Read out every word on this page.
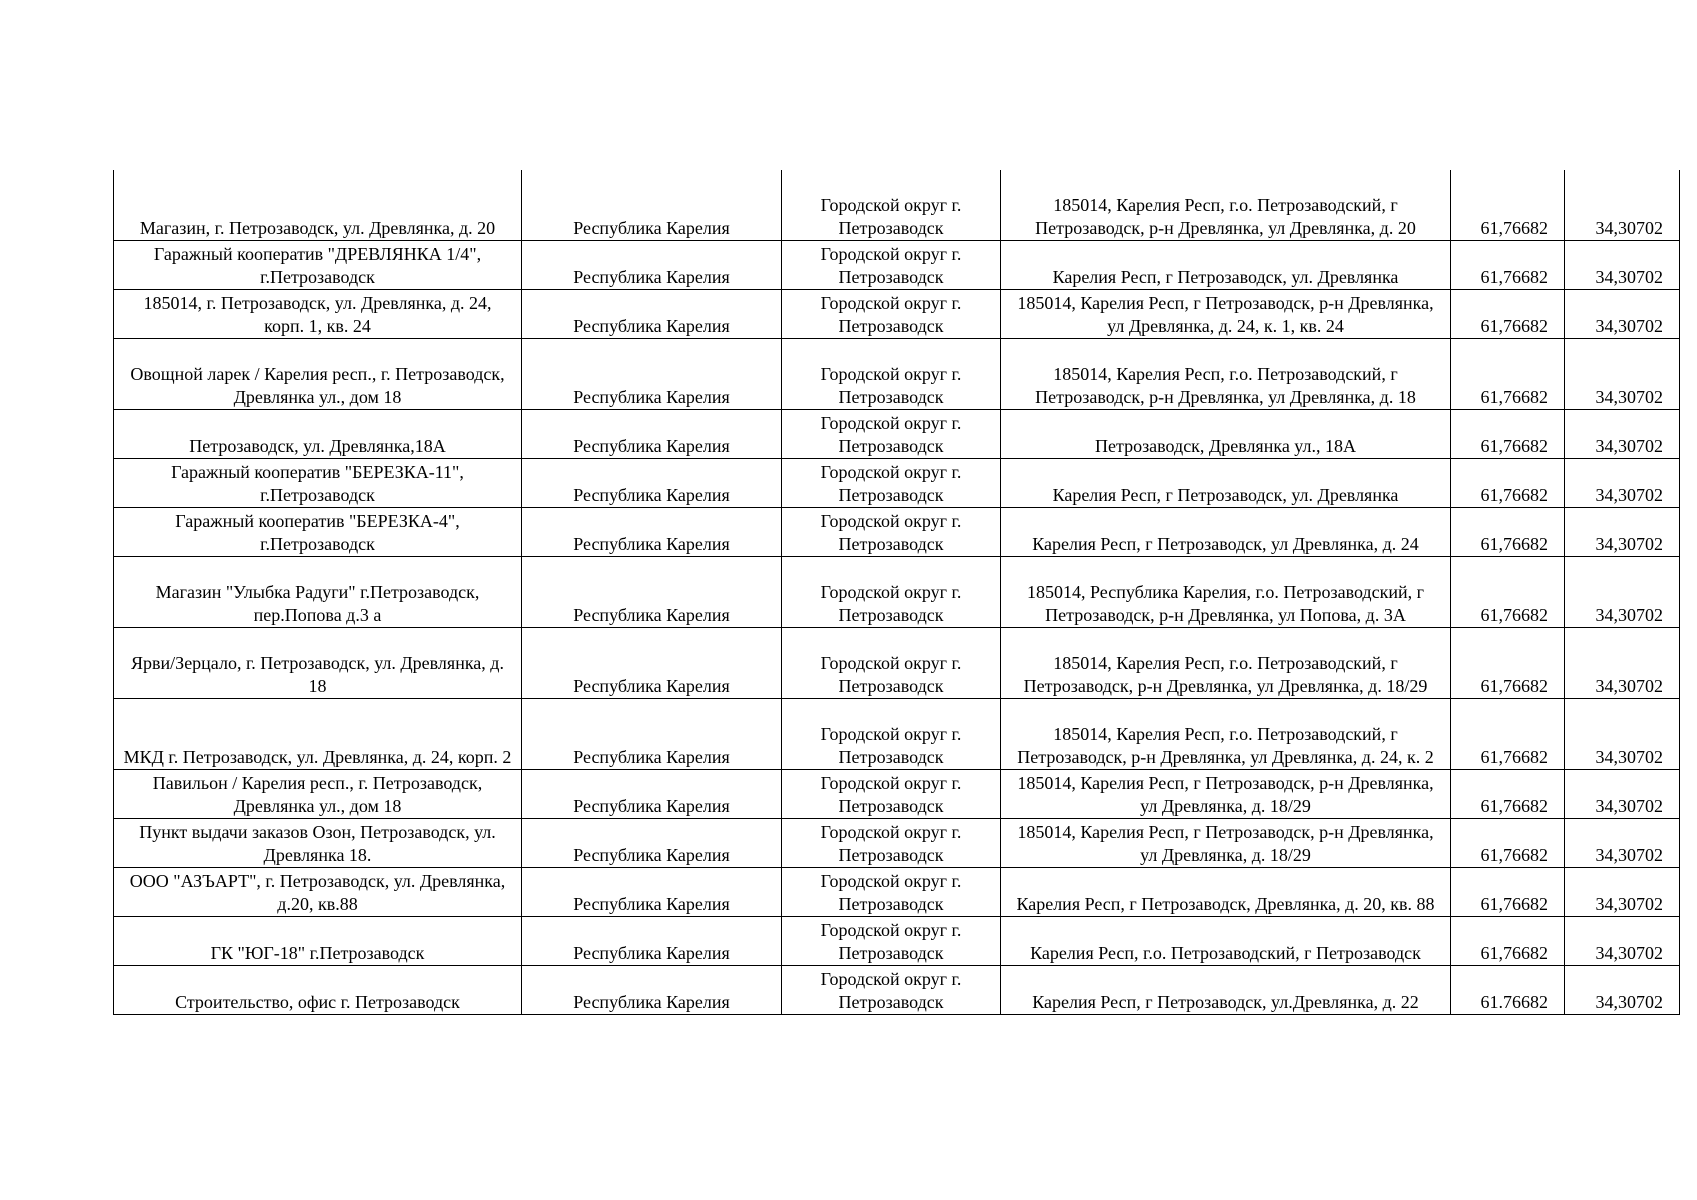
Магазин, г. Петрозаводск, ул. Древлянка, д. 20	Республика Карелия	Городской округ г. Петрозаводск	185014, Карелия Респ, г.о. Петрозаводский, г Петрозаводск, р-н Древлянка, ул Древлянка, д. 20	61,76682	34,30702
Гаражный кооператив "ДРЕВЛЯНКА 1/4", г.Петрозаводск	Республика Карелия	Городской округ г. Петрозаводск	Карелия Респ, г Петрозаводск, ул. Древлянка	61,76682	34,30702
185014, г. Петрозаводск, ул. Древлянка, д. 24, корп. 1, кв. 24	Республика Карелия	Городской округ г. Петрозаводск	185014, Карелия Респ, г Петрозаводск, р-н Древлянка, ул Древлянка, д. 24, к. 1, кв. 24	61,76682	34,30702
Овощной ларек / Карелия респ., г. Петрозаводск, Древлянка ул., дом 18	Республика Карелия	Городской округ г. Петрозаводск	185014, Карелия Респ, г.о. Петрозаводский, г Петрозаводск, р-н Древлянка, ул Древлянка, д. 18	61,76682	34,30702
Петрозаводск, ул. Древлянка,18А	Республика Карелия	Городской округ г. Петрозаводск	Петрозаводск, Древлянка ул., 18А	61,76682	34,30702
Гаражный кооператив "БЕРЕЗКА-11", г.Петрозаводск	Республика Карелия	Городской округ г. Петрозаводск	Карелия Респ, г Петрозаводск, ул. Древлянка	61,76682	34,30702
Гаражный кооператив "БЕРЕЗКА-4", г.Петрозаводск	Республика Карелия	Городской округ г. Петрозаводск	Карелия Респ, г Петрозаводск, ул Древлянка, д. 24	61,76682	34,30702
Магазин "Улыбка Радуги" г.Петрозаводск, пер.Попова д.3 а	Республика Карелия	Городской округ г. Петрозаводск	185014, Республика Карелия, г.о. Петрозаводский, г Петрозаводск, р-н Древлянка, ул Попова, д. 3А	61,76682	34,30702
Ярви/Зерцало, г. Петрозаводск, ул. Древлянка, д. 18	Республика Карелия	Городской округ г. Петрозаводск	185014, Карелия Респ, г.о. Петрозаводский, г Петрозаводск, р-н Древлянка, ул Древлянка, д. 18/29	61,76682	34,30702
МКД г. Петрозаводск, ул. Древлянка, д. 24, корп. 2	Республика Карелия	Городской округ г. Петрозаводск	185014, Карелия Респ, г.о. Петрозаводский, г Петрозаводск, р-н Древлянка, ул Древлянка, д. 24, к. 2	61,76682	34,30702
Павильон / Карелия респ., г. Петрозаводск, Древлянка ул., дом 18	Республика Карелия	Городской округ г. Петрозаводск	185014, Карелия Респ, г Петрозаводск, р-н Древлянка, ул Древлянка, д. 18/29	61,76682	34,30702
Пункт выдачи заказов Озон, Петрозаводск, ул. Древлянка 18.	Республика Карелия	Городской округ г. Петрозаводск	185014, Карелия Респ, г Петрозаводск, р-н Древлянка, ул Древлянка, д. 18/29	61,76682	34,30702
ООО "АЗЪАРТ", г. Петрозаводск, ул. Древлянка, д.20, кв.88	Республика Карелия	Городской округ г. Петрозаводск	Карелия Респ, г Петрозаводск, Древлянка, д. 20, кв. 88	61,76682	34,30702
ГК "ЮГ-18" г.Петрозаводск	Республика Карелия	Городской округ г. Петрозаводск	Карелия Респ, г.о. Петрозаводский, г Петрозаводск	61,76682	34,30702
Строительство, офис г. Петрозаводск	Республика Карелия	Городской округ г. Петрозаводск	Карелия Респ, г Петрозаводск, ул.Древлянка, д. 22	61.76682	34,30702
